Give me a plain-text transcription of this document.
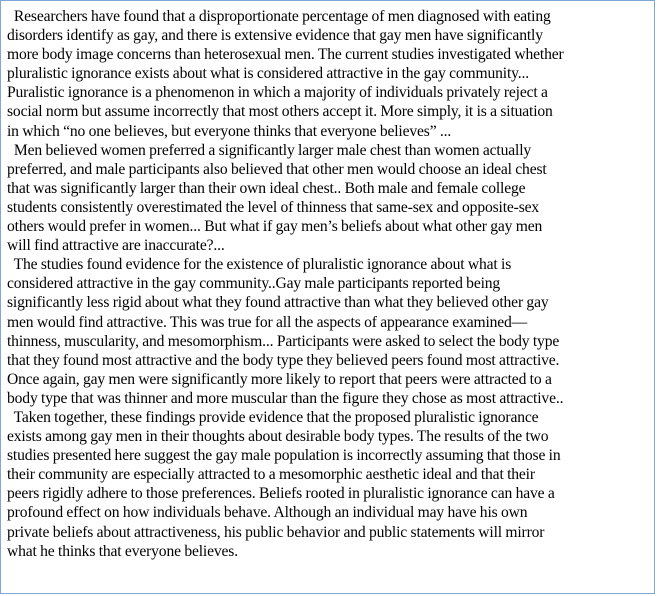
Researchers have found that a disproportionate percentage of men diagnosed with eating
disorders identify as gay, and there is extensive evidence that gay men have significantly
more body image concerns than heterosexual men. The current studies investigated whether
pluralistic ignorance exists about what is considered attractive in the gay community...
Puralistic ignorance is a phenomenon in which a majority of individuals privately reject a
social norm but assume incorrectly that most others accept it. More simply, it is a situation
in which “no one believes, but everyone thinks that everyone believes” ...
Men believed women preferred a significantly larger male chest than women actually
preferred, and male participants also believed that other men would choose an ideal chest
that was significantly larger than their own ideal chest.. Both male and female college
students consistently overestimated the level of thinness that same-sex and opposite-sex
others would prefer in women... But what if gay men’s beliefs about what other gay men
will find attractive are inaccurate?...
The studies found evidence for the existence of pluralistic ignorance about what is
considered attractive in the gay community..Gay male participants reported being
significantly less rigid about what they found attractive than what they believed other gay
men would find attractive. This was true for all the aspects of appearance examined—
thinness, muscularity, and mesomorphism... Participants were asked to select the body type
that they found most attractive and the body type they believed peers found most attractive.
Once again, gay men were significantly more likely to report that peers were attracted to a
body type that was thinner and more muscular than the figure they chose as most attractive..
Taken together, these findings provide evidence that the proposed pluralistic ignorance
exists among gay men in their thoughts about desirable body types. The results of the two
studies presented here suggest the gay male population is incorrectly assuming that those in
their community are especially attracted to a mesomorphic aesthetic ideal and that their
peers rigidly adhere to those preferences. Beliefs rooted in pluralistic ignorance can have a
profound effect on how individuals behave. Although an individual may have his own
private beliefs about attractiveness, his public behavior and public statements will mirror
what he thinks that everyone believes.
